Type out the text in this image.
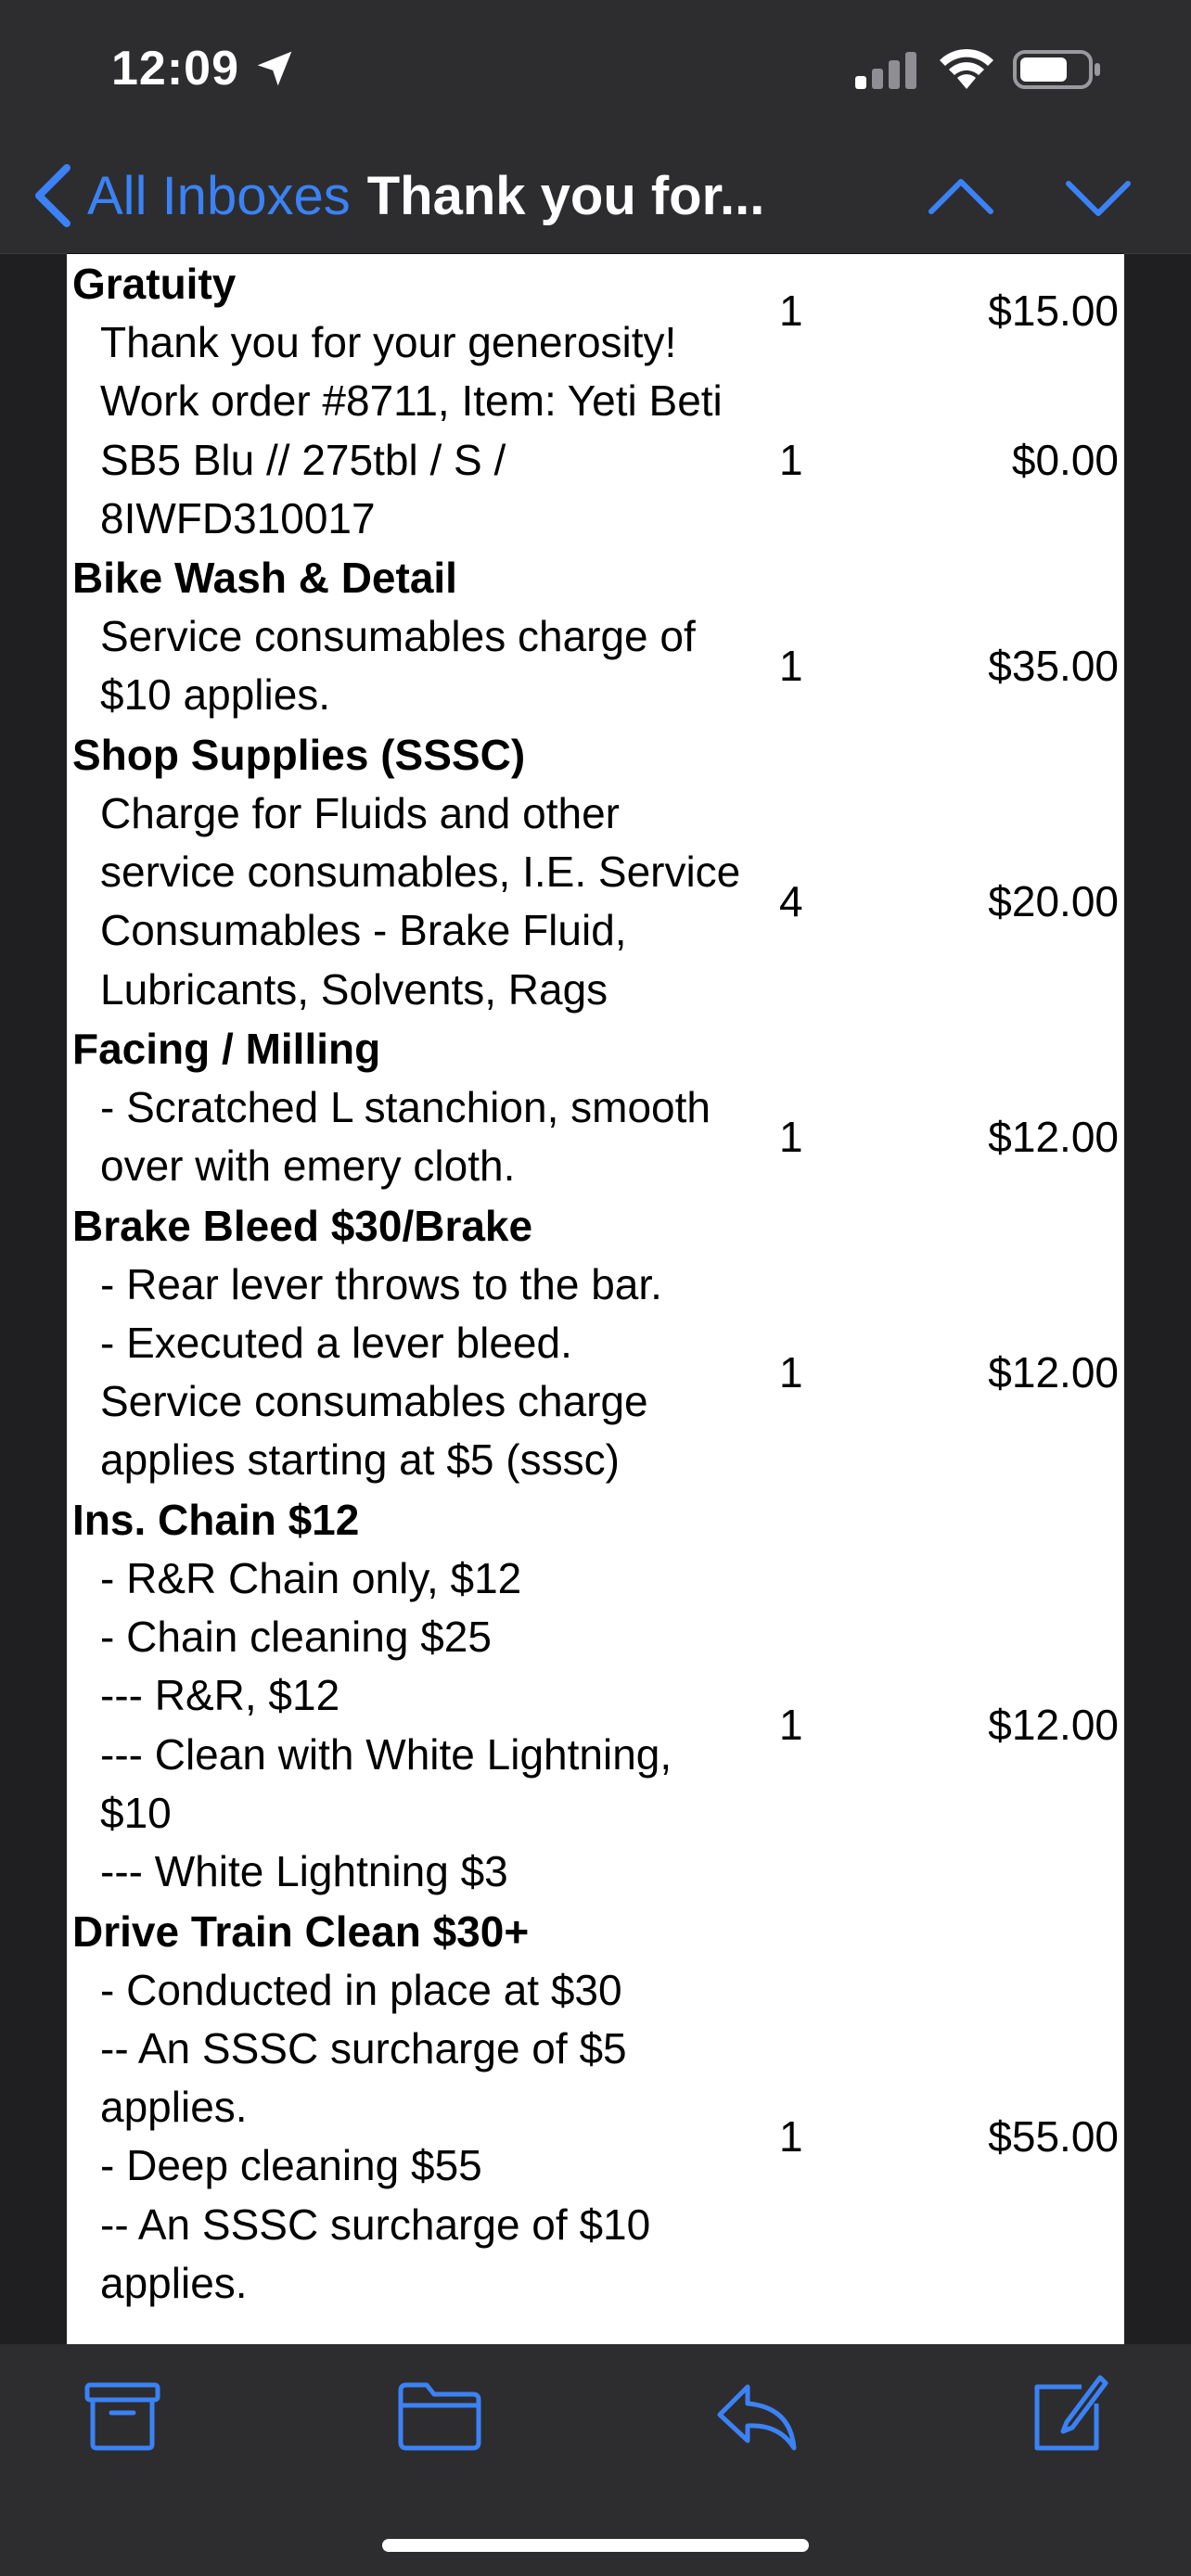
12:09
All Inboxes Thank you for...
Gratuity
Thank you for your generosity!
1	$15.00
Work order #8711, Item: Yeti Beti
SB5 Blu // 275tbl / S /
8IWFD310017
1	$0.00
Bike Wash & Detail
Service consumables charge of
$10 applies.
1	$35.00
Shop Supplies (SSSC)
Charge for Fluids and other
service consumables, I.E. Service
Consumables - Brake Fluid,
Lubricants, Solvents, Rags
4	$20.00
Facing / Milling
- Scratched L stanchion, smooth
over with emery cloth.
1	$12.00
Brake Bleed $30/Brake
- Rear lever throws to the bar.
- Executed a lever bleed.
Service consumables charge
applies starting at $5 (sssc)
1	$12.00
Ins. Chain $12
- R&R Chain only, $12
- Chain cleaning $25
--- R&R, $12
--- Clean with White Lightning,
$10
--- White Lightning $3
1	$12.00
Drive Train Clean $30+
- Conducted in place at $30
-- An SSSC surcharge of $5
applies.
- Deep cleaning $55
-- An SSSC surcharge of $10
applies.
1	$55.00
